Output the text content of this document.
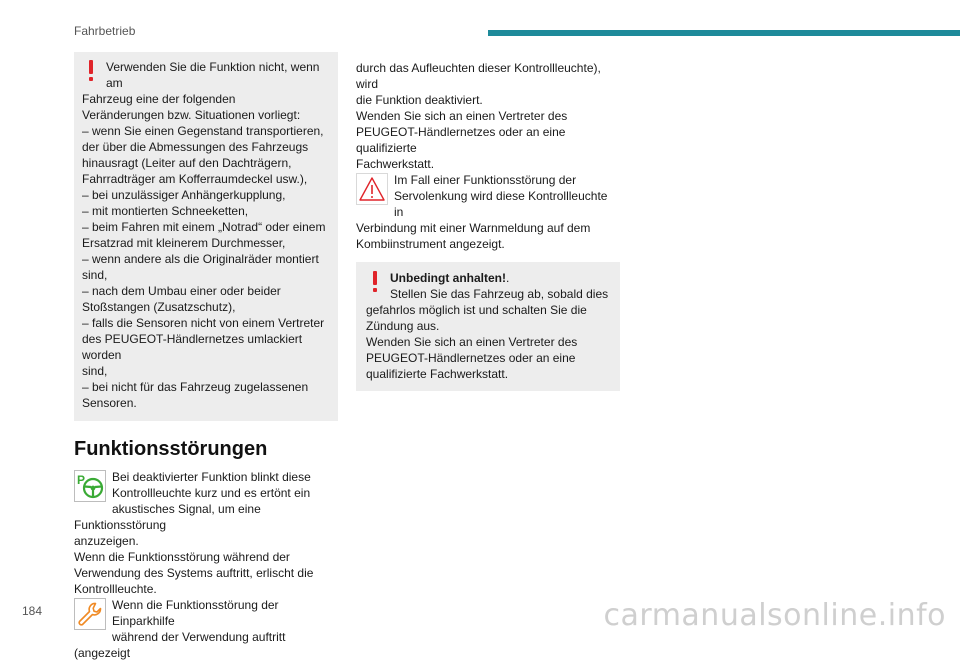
Fahrbetrieb
Verwenden Sie die Funktion nicht, wenn am
Fahrzeug eine der folgenden
Veränderungen bzw. Situationen vorliegt:
– wenn Sie einen Gegenstand transportieren,
der über die Abmessungen des Fahrzeugs
hinausragt (Leiter auf den Dachträgern,
Fahrradträger am Kofferraumdeckel usw.),
– bei unzulässiger Anhängerkupplung,
– mit montierten Schneeketten,
– beim Fahren mit einem „Notrad“ oder einem
Ersatzrad mit kleinerem Durchmesser,
– wenn andere als die Originalräder montiert
sind,
– nach dem Umbau einer oder beider
Stoßstangen (Zusatzschutz),
– falls die Sensoren nicht von einem Vertreter
des PEUGEOT-Händlernetzes umlackiert worden
sind,
– bei nicht für das Fahrzeug zugelassenen
Sensoren.
Funktionsstörungen
P	Bei deaktivierter Funktion blinkt diese
Kontrollleuchte kurz und es ertönt ein
akustisches Signal, um eine Funktionsstörung
anzuzeigen.
Wenn die Funktionsstörung während der
Verwendung des Systems auftritt, erlischt die
Kontrollleuchte.
Wenn die Funktionsstörung der Einparkhilfe
während der Verwendung auftritt (angezeigt
durch das Aufleuchten dieser Kontrollleuchte), wird
die Funktion deaktiviert.
Wenden Sie sich an einen Vertreter des
PEUGEOT-Händlernetzes oder an eine qualifizierte
Fachwerkstatt.
Im Fall einer Funktionsstörung der
Servolenkung wird diese Kontrollleuchte in
Verbindung mit einer Warnmeldung auf dem
Kombiinstrument angezeigt.
Unbedingt anhalten!.
Stellen Sie das Fahrzeug ab, sobald dies
gefahrlos möglich ist und schalten Sie die
Zündung aus.
Wenden Sie sich an einen Vertreter des
PEUGEOT-Händlernetzes oder an eine
qualifizierte Fachwerkstatt.
184	carmanualsonline.info
